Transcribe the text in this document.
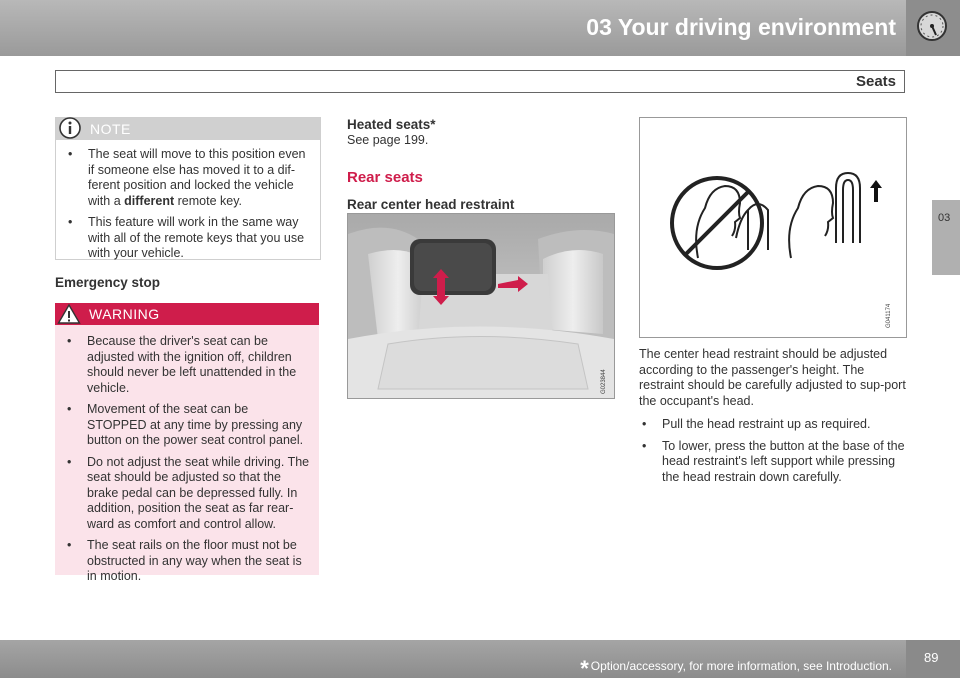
03 Your driving environment
Seats
03
NOTE
• The seat will move to this position even if someone else has moved it to a dif-ferent position and locked the vehicle with a different remote key.
• This feature will work in the same way with all of the remote keys that you use with your vehicle.
Emergency stop
WARNING
• Because the driver's seat can be adjusted with the ignition off, children should never be left unattended in the vehicle.
• Movement of the seat can be STOPPED at any time by pressing any button on the power seat control panel.
• Do not adjust the seat while driving. The seat should be adjusted so that the brake pedal can be depressed fully. In addition, position the seat as far rear-ward as comfort and control allow.
• The seat rails on the floor must not be obstructed in any way when the seat is in motion.
Heated seats*
See page 199.
Rear seats
Rear center head restraint
G023844
G041174

The center head restraint should be adjusted according to the passenger's height. The restraint should be carefully adjusted to sup-port the occupant's head.

• Pull the head restraint up as required.
• To lower, press the button at the base of the head restraint's left support while pressing the head restrain down carefully.
* Option/accessory, for more information, see Introduction.
89
